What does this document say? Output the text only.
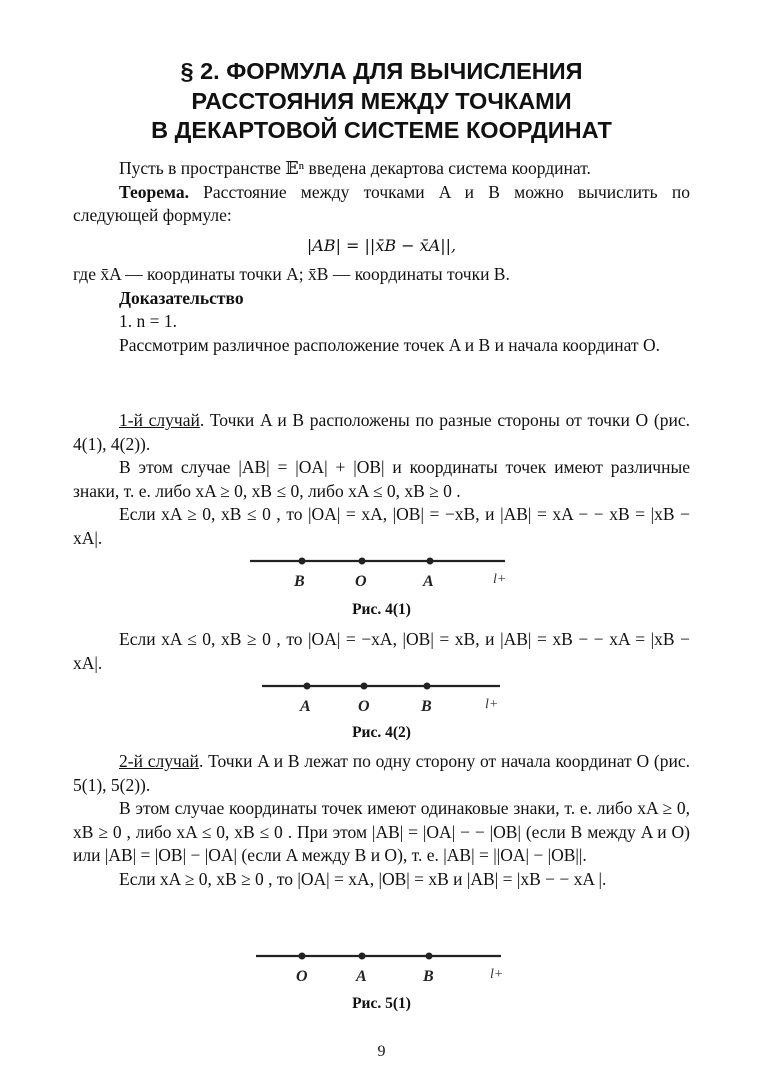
§ 2. ФОРМУЛА ДЛЯ ВЫЧИСЛЕНИЯ
РАССТОЯНИЯ МЕЖДУ ТОЧКАМИ
В ДЕКАРТОВОЙ СИСТЕМЕ КООРДИНАТ

Пусть в пространстве 𝔼ⁿ введена декартова система координат.

Теорема. Расстояние между точками A и B можно вычислить по следующей формуле:

|AB| = ||x̄B − x̄A||,

где x̄A — координаты точки A; x̄B — координаты точки B.

Доказательство

1. n = 1.

Рассмотрим различное расположение точек A и B и начала координат O.

1-й случай. Точки A и B расположены по разные стороны от точки O (рис. 4(1), 4(2)).

В этом случае |AB| = |OA| + |OB| и координаты точек имеют различные знаки, т. е. либо xA ≥ 0, xB ≤ 0, либо xA ≤ 0, xB ≥ 0 .

Если xA ≥ 0, xB ≤ 0 , то |OA| = xA, |OB| = −xB, и |AB| = xA − − xB = |xB − xA|.

B	O	A	l+
Рис. 4(1)

Если xA ≤ 0, xB ≥ 0 , то |OA| = −xA, |OB| = xB, и |AB| = xB − − xA = |xB − xA|.

A	O	B	l+
Рис. 4(2)

2-й случай. Точки A и B лежат по одну сторону от начала координат O (рис. 5(1), 5(2)).

В этом случае координаты точек имеют одинаковые знаки, т. е. либо xA ≥ 0, xB ≥ 0 , либо xA ≤ 0, xB ≤ 0 . При этом |AB| = |OA| − − |OB| (если B между A и O) или |AB| = |OB| − |OA| (если A между B и O), т. е. |AB| = ||OA| − |OB||.

Если xA ≥ 0, xB ≥ 0 , то |OA| = xA, |OB| = xB и |AB| = |xB − − xA |.

O	A	B	l+
Рис. 5(1)
9
